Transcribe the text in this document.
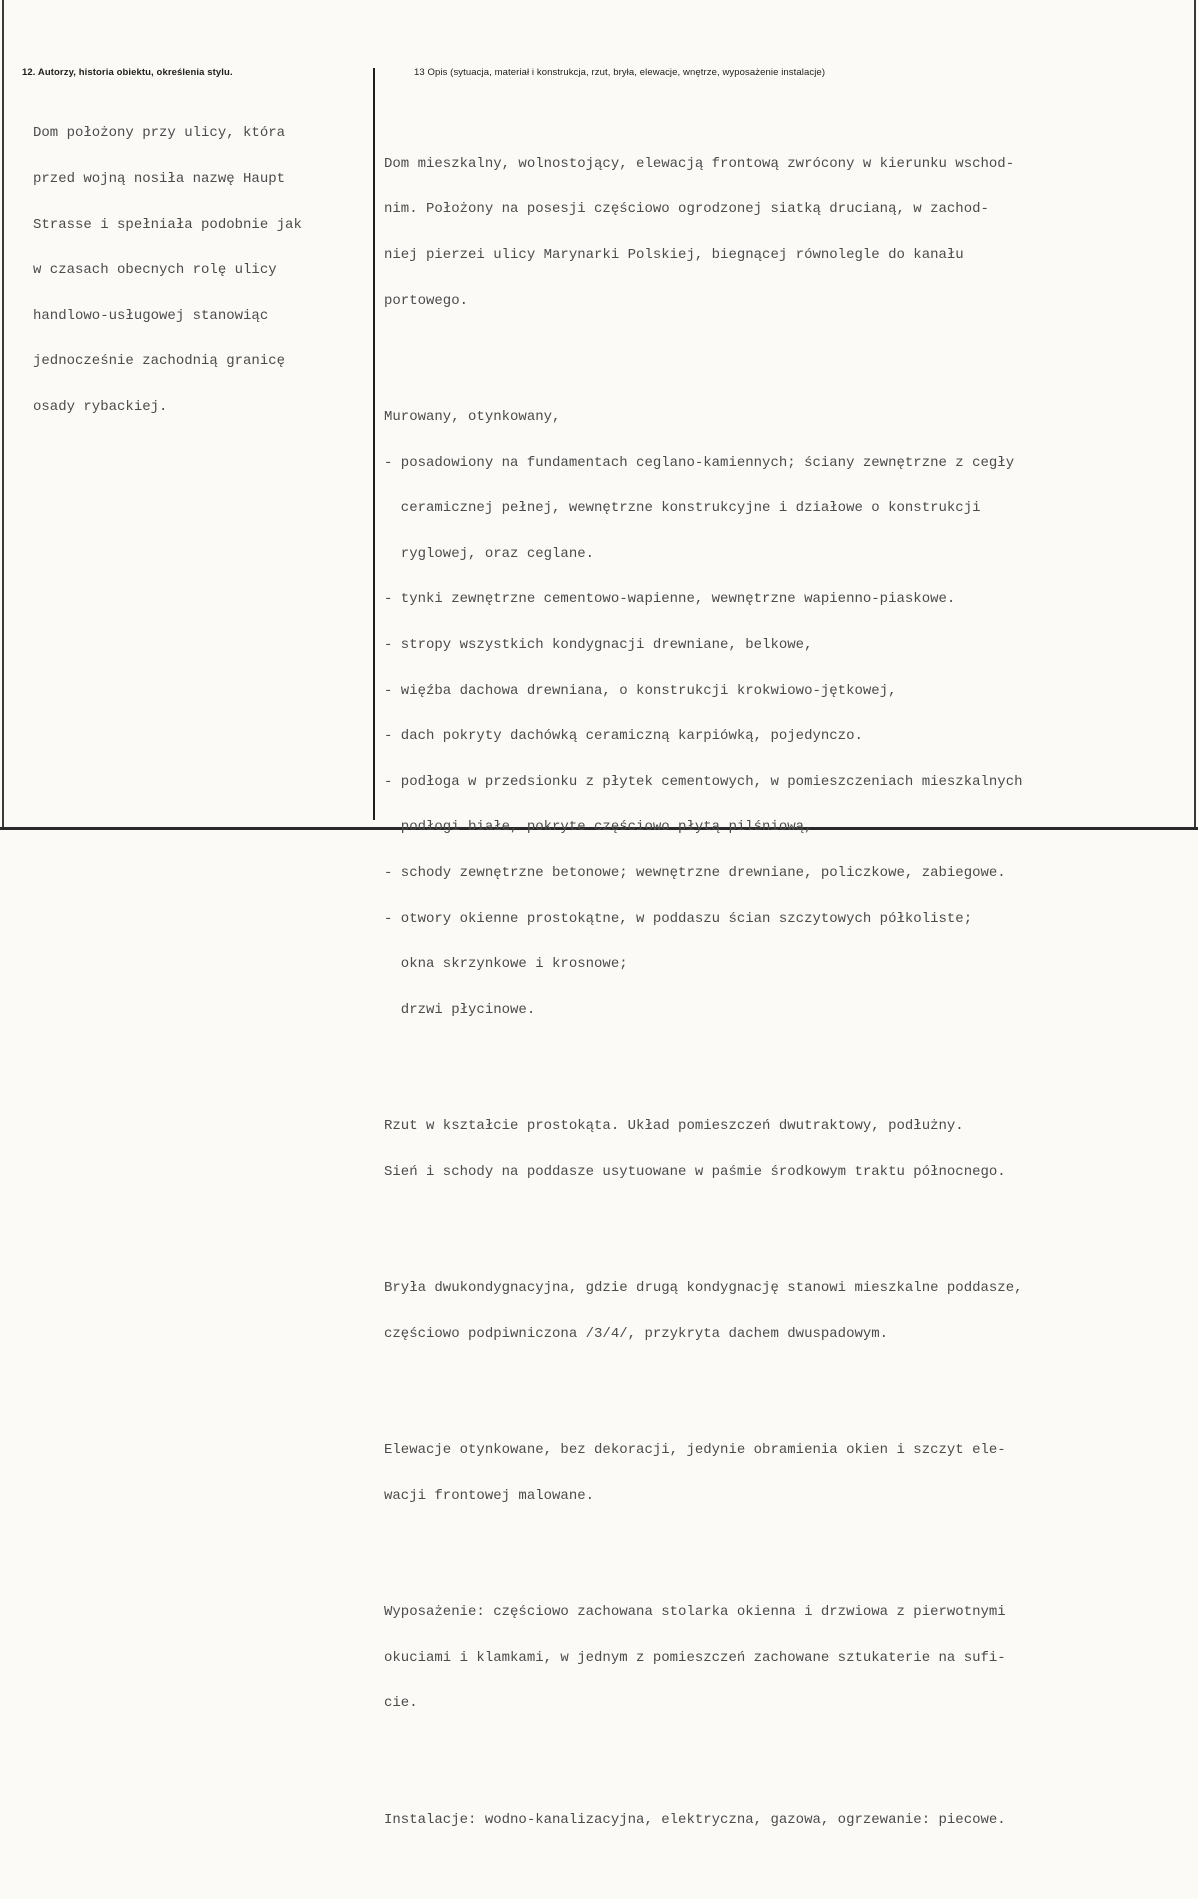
12. Autorzy, historia obiektu, określenia stylu.	13 Opis (sytuacja, materiał i konstrukcja, rzut, bryła, elewacje, wnętrze, wyposażenie instalacje)

Dom położony przy ulicy, która

przed wojną nosiła nazwę Haupt

Strasse i spełniała podobnie jak

w czasach obecnych rolę ulicy

handlowo-usługowej stanowiąc

jednocześnie zachodnią granicę

osady rybackiej.

Dom mieszkalny, wolnostojący, elewacją frontową zwrócony w kierunku wschod-

nim. Położony na posesji częściowo ogrodzonej siatką drucianą, w zachod-

niej pierzei ulicy Marynarki Polskiej, biegnącej równolegle do kanału

portowego.

Murowany, otynkowany,

- posadowiony na fundamentach ceglano-kamiennych; ściany zewnętrzne z cegły

ceramicznej pełnej, wewnętrzne konstrukcyjne i działowe o konstrukcji

ryglowej, oraz ceglane.

- tynki zewnętrzne cementowo-wapienne, wewnętrzne wapienno-piaskowe.

- stropy wszystkich kondygnacji drewniane, belkowe,

- więźba dachowa drewniana, o konstrukcji krokwiowo-jętkowej,

- dach pokryty dachówką ceramiczną karpiówką, pojedynczo.

- podłoga w przedsionku z płytek cementowych, w pomieszczeniach mieszkalnych

podłogi białe, pokryte częściowo płytą pilśniową,

- schody zewnętrzne betonowe; wewnętrzne drewniane, policzkowe, zabiegowe.

- otwory okienne prostokątne, w poddaszu ścian szczytowych półkoliste;

okna skrzynkowe i krosnowe;

drzwi płycinowe.

Rzut w kształcie prostokąta. Układ pomieszczeń dwutraktowy, podłużny.

Sień i schody na poddasze usytuowane w paśmie środkowym traktu północnego.

Bryła dwukondygnacyjna, gdzie drugą kondygnację stanowi mieszkalne poddasze,

częściowo podpiwniczona /3/4/, przykryta dachem dwuspadowym.

Elewacje otynkowane, bez dekoracji, jedynie obramienia okien i szczyt ele-

wacji frontowej malowane.

Wyposażenie: częściowo zachowana stolarka okienna i drzwiowa z pierwotnymi

okuciami i klamkami, w jednym z pomieszczeń zachowane sztukaterie na sufi-

cie.

Instalacje: wodno-kanalizacyjna, elektryczna, gazowa, ogrzewanie: piecowe.
